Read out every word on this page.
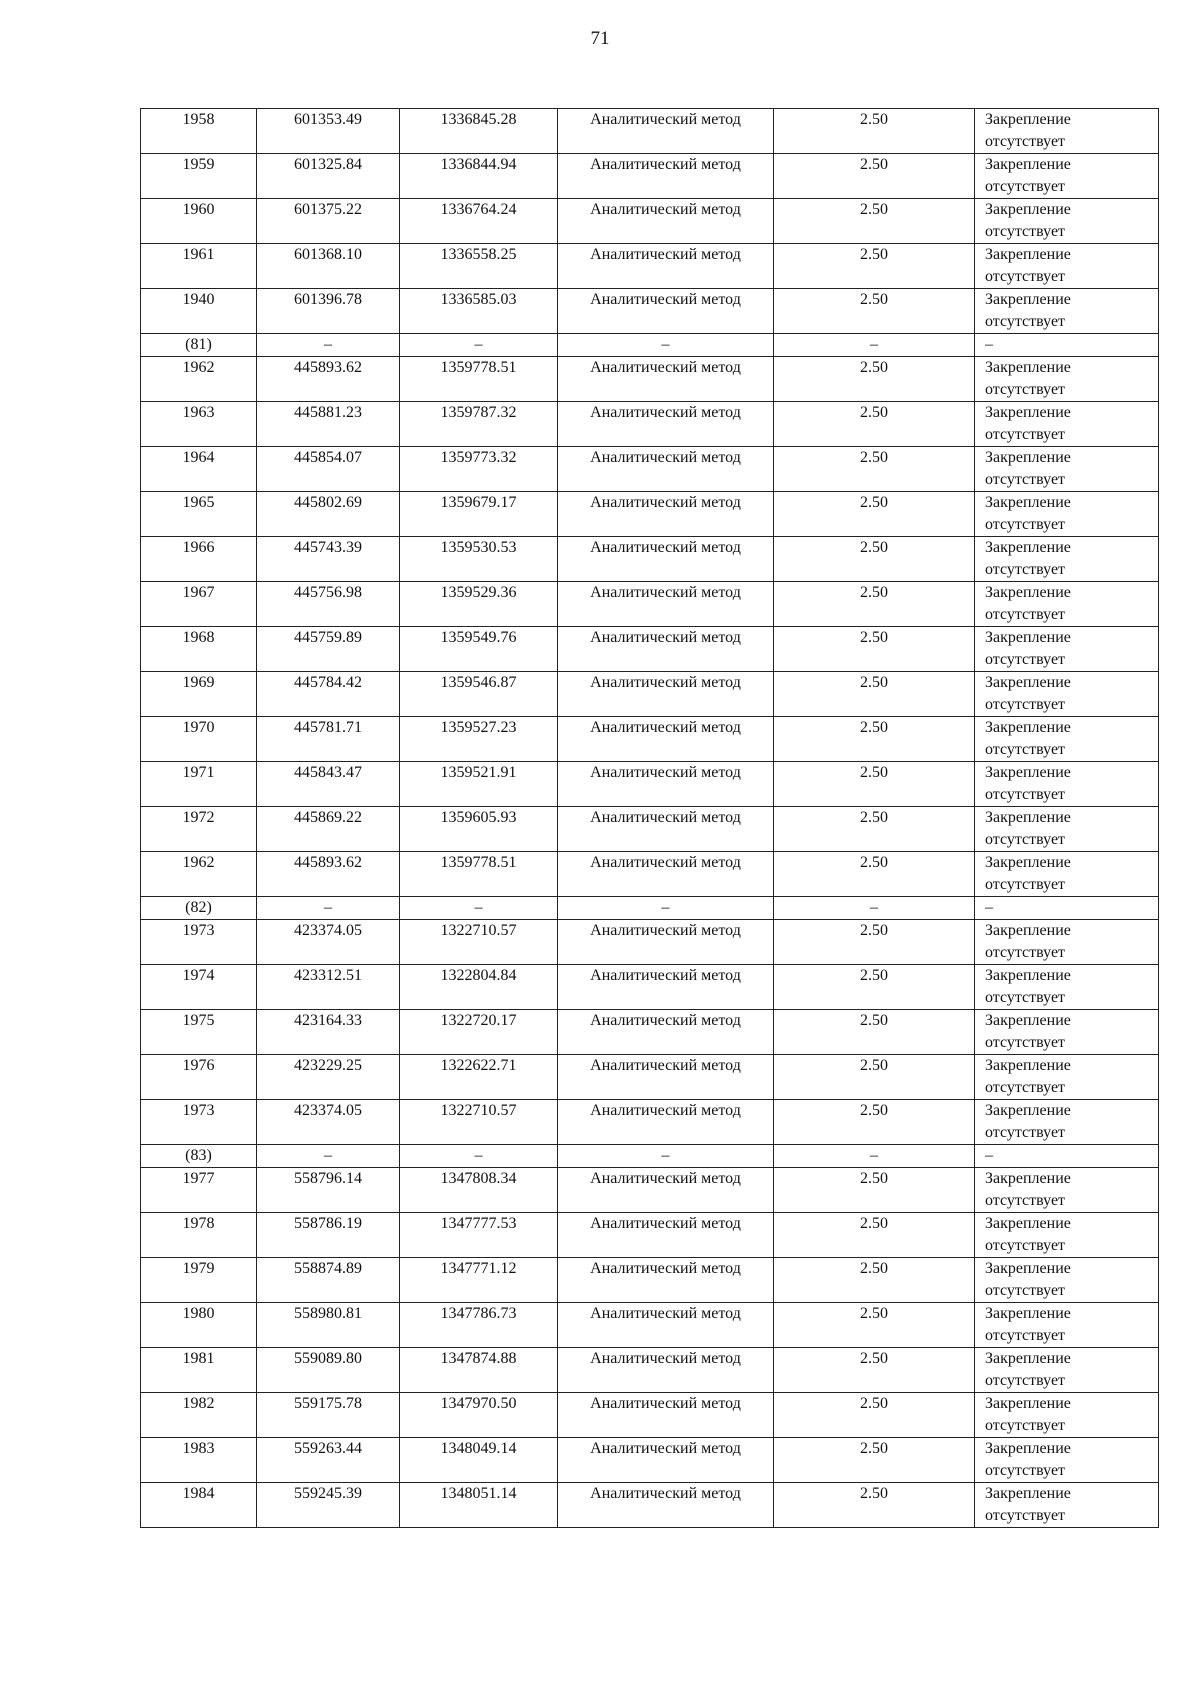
71
1958	601353.49	1336845.28	Аналитический метод	2.50	Закрепление отсутствует
1959	601325.84	1336844.94	Аналитический метод	2.50	Закрепление отсутствует
1960	601375.22	1336764.24	Аналитический метод	2.50	Закрепление отсутствует
1961	601368.10	1336558.25	Аналитический метод	2.50	Закрепление отсутствует
1940	601396.78	1336585.03	Аналитический метод	2.50	Закрепление отсутствует
(81)	–	–	–	–	–
1962	445893.62	1359778.51	Аналитический метод	2.50	Закрепление отсутствует
1963	445881.23	1359787.32	Аналитический метод	2.50	Закрепление отсутствует
1964	445854.07	1359773.32	Аналитический метод	2.50	Закрепление отсутствует
1965	445802.69	1359679.17	Аналитический метод	2.50	Закрепление отсутствует
1966	445743.39	1359530.53	Аналитический метод	2.50	Закрепление отсутствует
1967	445756.98	1359529.36	Аналитический метод	2.50	Закрепление отсутствует
1968	445759.89	1359549.76	Аналитический метод	2.50	Закрепление отсутствует
1969	445784.42	1359546.87	Аналитический метод	2.50	Закрепление отсутствует
1970	445781.71	1359527.23	Аналитический метод	2.50	Закрепление отсутствует
1971	445843.47	1359521.91	Аналитический метод	2.50	Закрепление отсутствует
1972	445869.22	1359605.93	Аналитический метод	2.50	Закрепление отсутствует
1962	445893.62	1359778.51	Аналитический метод	2.50	Закрепление отсутствует
(82)	–	–	–	–	–
1973	423374.05	1322710.57	Аналитический метод	2.50	Закрепление отсутствует
1974	423312.51	1322804.84	Аналитический метод	2.50	Закрепление отсутствует
1975	423164.33	1322720.17	Аналитический метод	2.50	Закрепление отсутствует
1976	423229.25	1322622.71	Аналитический метод	2.50	Закрепление отсутствует
1973	423374.05	1322710.57	Аналитический метод	2.50	Закрепление отсутствует
(83)	–	–	–	–	–
1977	558796.14	1347808.34	Аналитический метод	2.50	Закрепление отсутствует
1978	558786.19	1347777.53	Аналитический метод	2.50	Закрепление отсутствует
1979	558874.89	1347771.12	Аналитический метод	2.50	Закрепление отсутствует
1980	558980.81	1347786.73	Аналитический метод	2.50	Закрепление отсутствует
1981	559089.80	1347874.88	Аналитический метод	2.50	Закрепление отсутствует
1982	559175.78	1347970.50	Аналитический метод	2.50	Закрепление отсутствует
1983	559263.44	1348049.14	Аналитический метод	2.50	Закрепление отсутствует
1984	559245.39	1348051.14	Аналитический метод	2.50	Закрепление отсутствует
